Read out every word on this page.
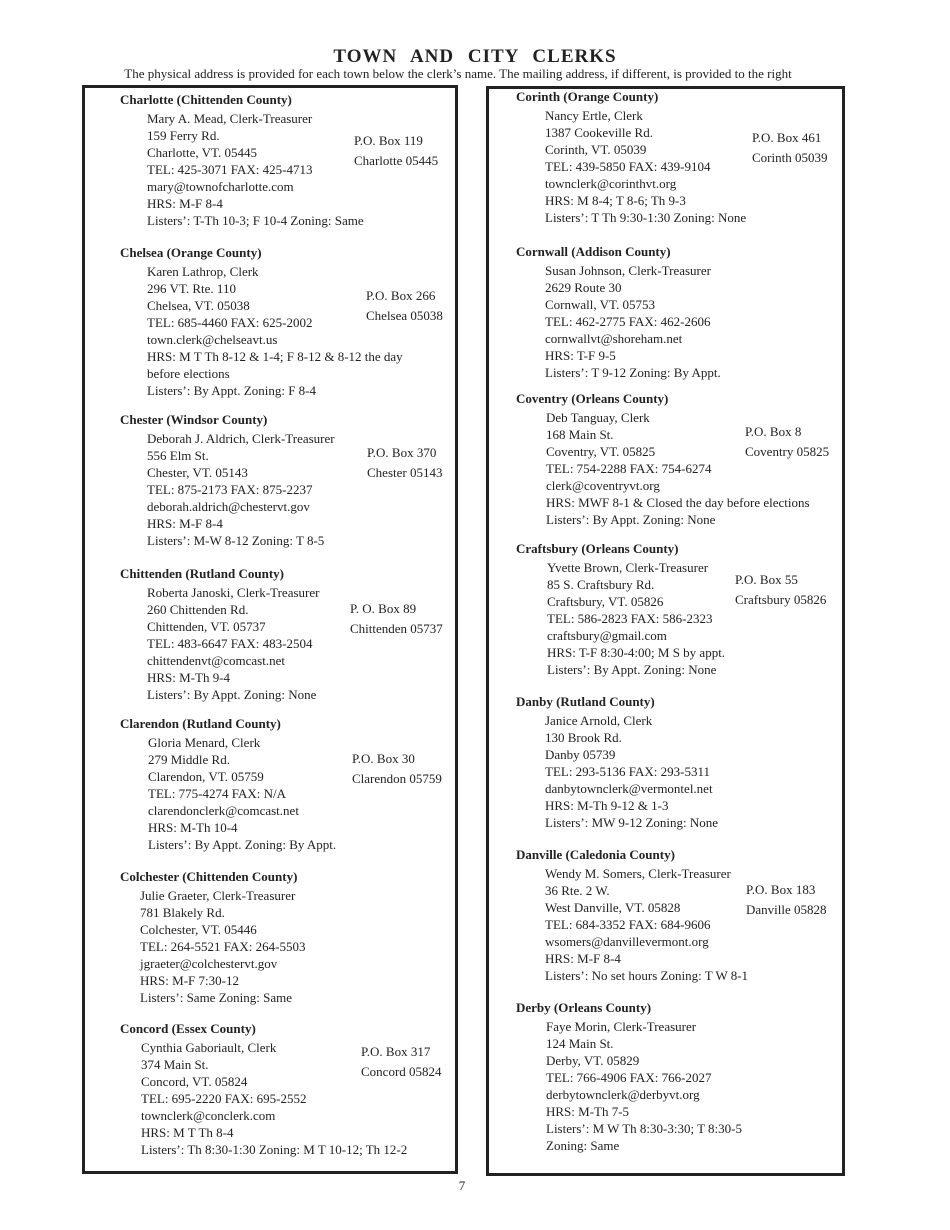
TOWN AND CITY CLERKS
The physical address is provided for each town below the clerk’s name. The mailing address, if different, is provided to the right
Charlotte (Chittenden County)
Mary A. Mead, Clerk-Treasurer
159 Ferry Rd.
Charlotte, VT. 05445
TEL: 425-3071 FAX: 425-4713
mary@townofcharlotte.com
HRS: M-F 8-4
Listers’: T-Th 10-3; F 10-4 Zoning: Same
P.O. Box 119
Charlotte 05445
Chelsea (Orange County)
Karen Lathrop, Clerk
296 VT. Rte. 110
Chelsea, VT. 05038
TEL: 685-4460 FAX: 625-2002
town.clerk@chelseavt.us
HRS: M T Th 8-12 & 1-4; F 8-12 & 8-12 the day
before elections
Listers’: By Appt. Zoning: F 8-4
P.O. Box 266
Chelsea 05038
Chester (Windsor County)
Deborah J. Aldrich, Clerk-Treasurer
556 Elm St.
Chester, VT. 05143
TEL: 875-2173 FAX: 875-2237
deborah.aldrich@chestervt.gov
HRS: M-F 8-4
Listers’: M-W 8-12 Zoning: T 8-5
P.O. Box 370
Chester 05143
Chittenden (Rutland County)
Roberta Janoski, Clerk-Treasurer
260 Chittenden Rd.
Chittenden, VT. 05737
TEL: 483-6647 FAX: 483-2504
chittendenvt@comcast.net
HRS: M-Th 9-4
Listers’: By Appt. Zoning: None
P. O. Box 89
Chittenden 05737
Clarendon (Rutland County)
Gloria Menard, Clerk
279 Middle Rd.
Clarendon, VT. 05759
TEL: 775-4274 FAX: N/A
clarendonclerk@comcast.net
HRS: M-Th 10-4
Listers’: By Appt. Zoning: By Appt.
P.O. Box 30
Clarendon 05759
Colchester (Chittenden County)
Julie Graeter, Clerk-Treasurer
781 Blakely Rd.
Colchester, VT. 05446
TEL: 264-5521 FAX: 264-5503
jgraeter@colchestervt.gov
HRS: M-F 7:30-12
Listers’: Same Zoning: Same
Concord (Essex County)
Cynthia Gaboriault, Clerk
374 Main St.
Concord, VT. 05824
TEL: 695-2220 FAX: 695-2552
townclerk@conclerk.com
HRS: M T Th 8-4
Listers’: Th 8:30-1:30 Zoning: M T 10-12; Th 12-2
P.O. Box 317
Concord 05824
Corinth (Orange County)
Nancy Ertle, Clerk
1387 Cookeville Rd.
Corinth, VT. 05039
TEL: 439-5850 FAX: 439-9104
townclerk@corinthvt.org
HRS: M 8-4; T 8-6; Th 9-3
Listers’: T Th 9:30-1:30 Zoning: None
P.O. Box 461
Corinth 05039
Cornwall (Addison County)
Susan Johnson, Clerk-Treasurer
2629 Route 30
Cornwall, VT. 05753
TEL: 462-2775 FAX: 462-2606
cornwallvt@shoreham.net
HRS: T-F 9-5
Listers’: T 9-12 Zoning: By Appt.
Coventry (Orleans County)
Deb Tanguay, Clerk
168 Main St.
Coventry, VT. 05825
TEL: 754-2288 FAX: 754-6274
clerk@coventryvt.org
HRS: MWF 8-1 & Closed the day before elections
Listers’: By Appt. Zoning: None
P.O. Box 8
Coventry 05825
Craftsbury (Orleans County)
Yvette Brown, Clerk-Treasurer
85 S. Craftsbury Rd.
Craftsbury, VT. 05826
TEL: 586-2823 FAX: 586-2323
craftsbury@gmail.com
HRS: T-F 8:30-4:00; M S by appt.
Listers’: By Appt. Zoning: None
P.O. Box 55
Craftsbury 05826
Danby (Rutland County)
Janice Arnold, Clerk
130 Brook Rd.
Danby 05739
TEL: 293-5136 FAX: 293-5311
danbytownclerk@vermontel.net
HRS: M-Th 9-12 & 1-3
Listers’: MW 9-12 Zoning: None
Danville (Caledonia County)
Wendy M. Somers, Clerk-Treasurer
36 Rte. 2 W.
West Danville, VT. 05828
TEL: 684-3352 FAX: 684-9606
wsomers@danvillevermont.org
HRS: M-F 8-4
Listers’: No set hours Zoning: T W 8-1
P.O. Box 183
Danville 05828
Derby (Orleans County)
Faye Morin, Clerk-Treasurer
124 Main St.
Derby, VT. 05829
TEL: 766-4906 FAX: 766-2027
derbytownclerk@derbyvt.org
HRS: M-Th 7-5
Listers’: M W Th 8:30-3:30; T 8:30-5
Zoning: Same
7
